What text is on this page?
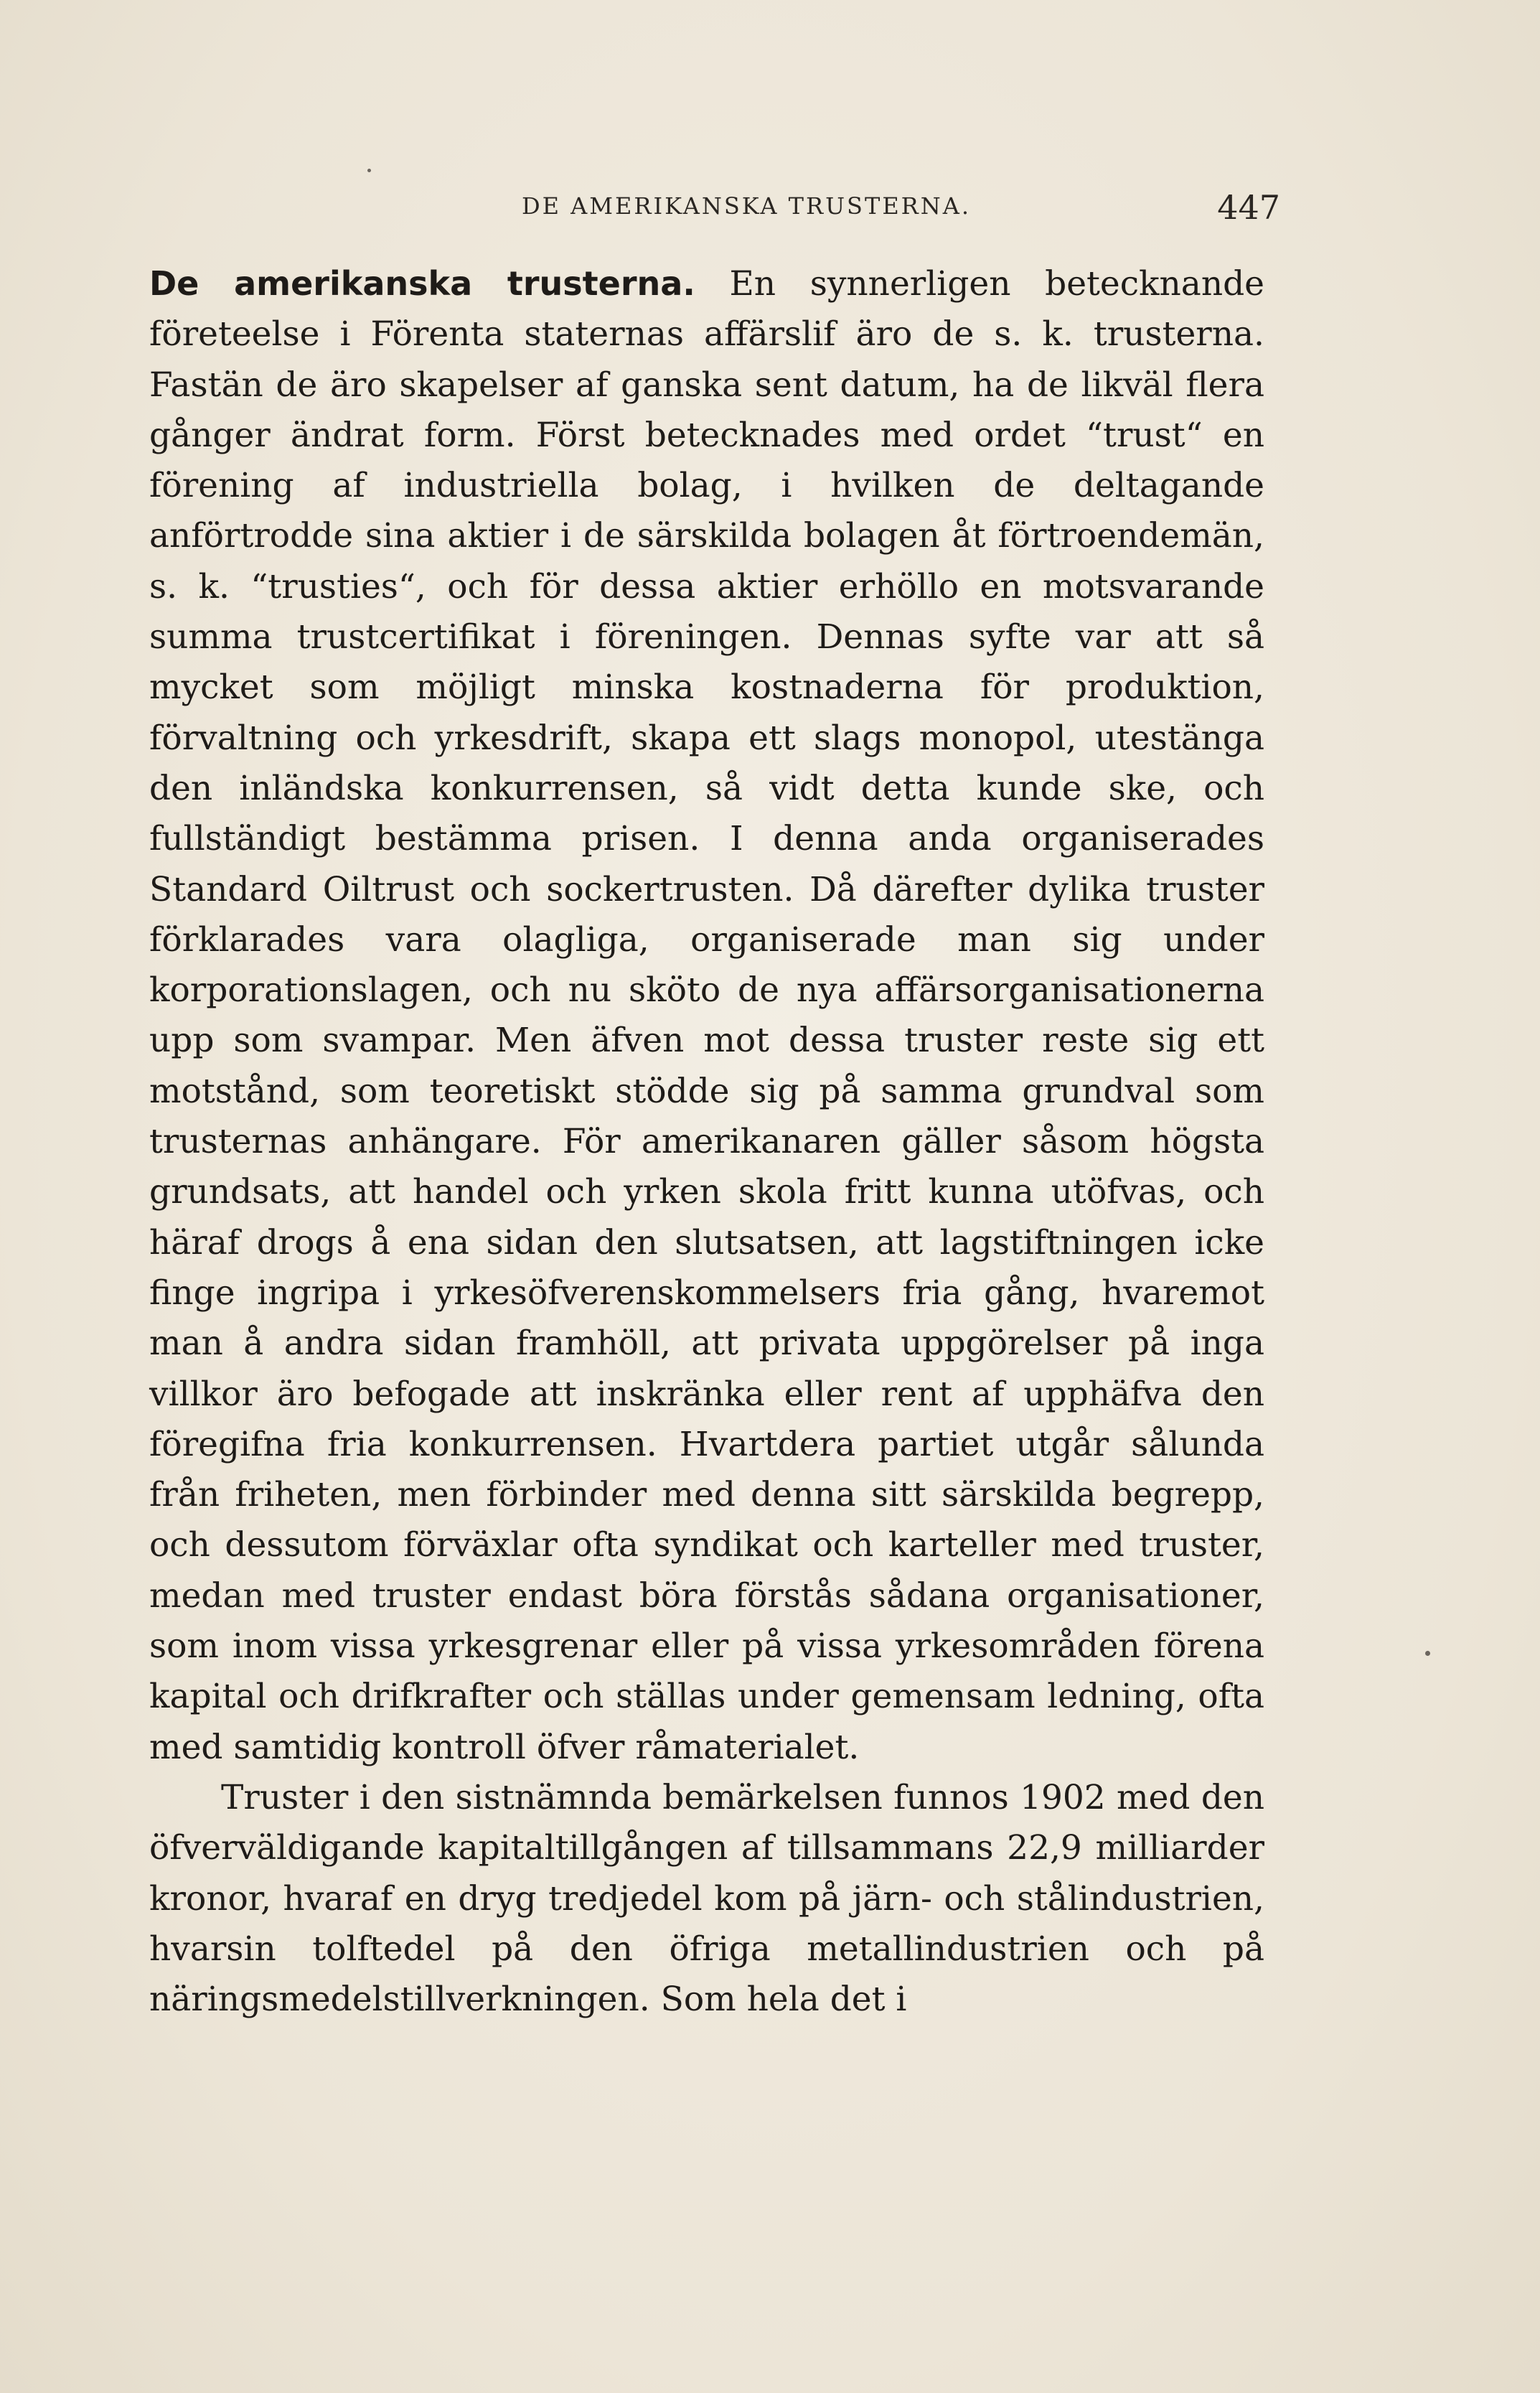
DE AMERIKANSKA TRUSTERNA.	447

De amerikanska trusterna. En synnerligen betecknande företeelse i Förenta staternas affärslif äro de s. k. trusterna. Fastän de äro skapelser af ganska sent datum, ha de likväl flera gånger ändrat form. Först betecknades med ordet “trust“ en förening af industriella bolag, i hvilken de deltagande anförtrodde sina aktier i de särskilda bolagen åt förtroendemän, s. k. “trusties“, och för dessa aktier erhöllo en motsvarande summa trustcertifikat i föreningen. Dennas syfte var att så mycket som möjligt minska kostnaderna för produktion, förvaltning och yrkesdrift, skapa ett slags monopol, utestänga den inländska konkurrensen, så vidt detta kunde ske, och fullständigt bestämma prisen. I denna anda organiserades Standard Oiltrust och sockertrusten. Då därefter dylika truster förklarades vara olagliga, organiserade man sig under korporationslagen, och nu sköto de nya affärsorganisationerna upp som svampar. Men äfven mot dessa truster reste sig ett motstånd, som teoretiskt stödde sig på samma grundval som trusternas anhängare. För amerikanaren gäller såsom högsta grundsats, att handel och yrken skola fritt kunna utöfvas, och häraf drogs å ena sidan den slutsatsen, att lagstiftningen icke finge ingripa i yrkesöfverenskommelsers fria gång, hvaremot man å andra sidan framhöll, att privata uppgörelser på inga villkor äro befogade att inskränka eller rent af upphäfva den föregifna fria konkurrensen. Hvartdera partiet utgår sålunda från friheten, men förbinder med denna sitt särskilda begrepp, och dessutom förväxlar ofta syndikat och karteller med truster, medan med truster endast böra förstås sådana organisationer, som inom vissa yrkesgrenar eller på vissa yrkesområden förena kapital och drifkrafter och ställas under gemensam ledning, ofta med samtidig kontroll öfver råmaterialet.

Truster i den sistnämnda bemärkelsen funnos 1902 med den öfverväldigande kapitaltillgången af tillsammans 22,9 milliarder kronor, hvaraf en dryg tredjedel kom på järn- och stålindustrien, hvarsin tolftedel på den öfriga metallindustrien och på näringsmedelstillverkningen. Som hela det i
